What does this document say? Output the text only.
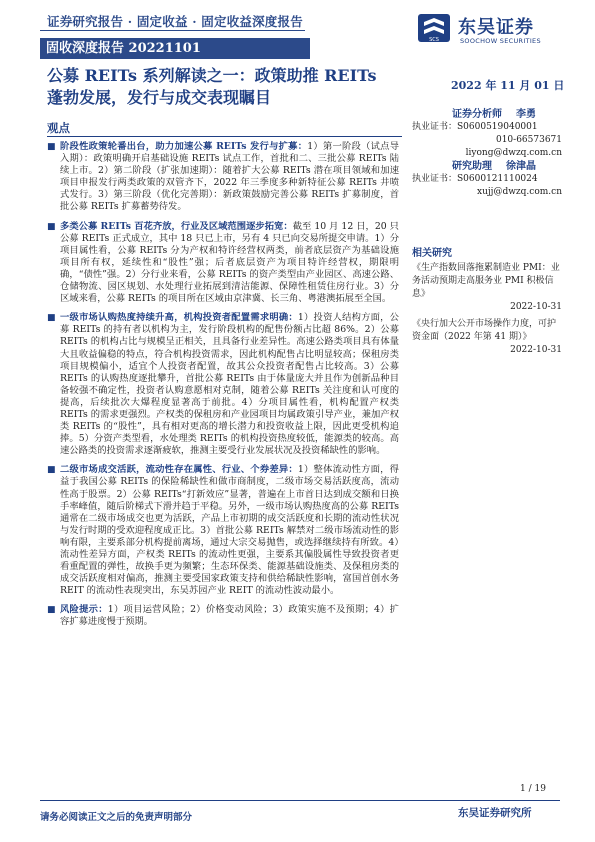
证券研究报告 · 固定收益 · 固定收益深度报告
固收深度报告 20221101
SCS
东吴证券
SOOCHOW SECURITIES
公募 REITs 系列解读之一：政策助推 REITs 蓬勃发展，发行与成交表现瞩目
2022 年 11 月 01 日
观点

■ 阶段性政策轮番出台，助力加速公募 REITs 发行与扩募：1）第一阶段（试点导入期）：政策明确开启基础设施 REITs 试点工作，首批和二、三批公募 REITs 陆续上市。2）第二阶段（扩张加速期）：随着扩大公募 REITs 潜在项目领域和加速项目申报发行两类政策的双管齐下，2022 年三季度多种新特征公募 REITs 井喷式发行。3）第三阶段（优化完善期）：新政策鼓励完善公募 REITs 扩募制度，首批公募 REITs 扩募蓄势待发。

■ 多类公募 REITs 百花齐放，行业及区域范围逐步拓宽：截至 10 月 12 日，20 只公募 REITs 正式成立，其中 18 只已上市，另有 4 只已向交易所提交申请。1）分项目属性看，公募 REITs 分为产权和特许经营权两类，前者底层资产为基础设施项目所有权，延续性和“股性”强；后者底层资产为项目特许经营权，期限明确，“债性”强。2）分行业来看，公募 REITs 的资产类型由产业园区、高速公路、仓储物流、园区规划、水处理行业拓展到清洁能源、保障性租赁住房行业。3）分区域来看，公募 REITs 的项目所在区域由京津冀、长三角、粤港澳拓展至全国。

■ 一级市场认购热度持续升高，机构投资者配置需求明确：1）投资人结构方面，公募 REITs 的持有者以机构为主，发行阶段机构的配售份额占比超 86%。2）公募 REITs 的机构占比与规模呈正相关，且具备行业差异性。高速公路类项目具有体量大且收益偏稳的特点，符合机构投资需求，因此机构配售占比明显较高；保租房类项目规模偏小，适宜个人投资者配置，故其公众投资者配售占比较高。3）公募 REITs 的认购热度逐批攀升，首批公募 REITs 由于体量庞大并且作为创新品种目备较强不确定性，投资者认购意愿相对克制，随着公募 REITs 关注度和认可度的提高，后续批次大爆程度显著高于前批。4）分项目属性看，机构配置产权类 REITs 的需求更强烈。产权类的保租房和产业园项目均属政策引导产业，兼加产权类 REITs 的“股性”，具有相对更高的增长潜力和投资收益上限，因此更受机构追捧。5）分资产类型看，水处理类 REITs 的机构投资热度较低，能源类的较高。高速公路类的投资需求逐渐疲软，推测主要受行业发展状况及投资稀缺性的影响。

■ 二级市场成交活跃，流动性存在属性、行业、个券差异：1）整体流动性方面，得益于我国公募 REITs 的保险稀缺性和做市商制度，二级市场交易活跃度高，流动性高于股票。2）公募 REITs“打新效应”显著，普遍在上市首日达到成交额和日换手率峰值，随后阶梯式下滑并趋于平稳。另外，一级市场认购热度高的公募 REITs 通常在二级市场成交也更为活跃，产品上市初期的成交活跃度和长期的流动性状况与发行时期的受欢迎程度成正比。3）首批公募 REITs 解禁对二级市场流动性的影响有限，主要系部分机构提前离场，通过大宗交易抛售，或选择继续持有所致。4）流动性差异方面，产权类 REITs 的流动性更强，主要系其偏股属性导致投资者更看重配置的弹性，故换手更为频繁；生态环保类、能源基础设施类、及保租房类的成交活跃度相对偏高，推测主要受国家政策支持和供给稀缺性影响，富国首创水务 REIT 的流动性表现突出，东吴苏园产业 REIT 的流动性波动最小。

■ 风险提示：1）项目运营风险；2）价格变动风险；3）政策实施不及预期；4）扩容扩募进度慢于预期。

证券分析师 李勇
执业证书：S0600519040001
010-66573671
liyong@dwzq.com.cn
研究助理 徐津晶
执业证书：S0600121110024
xujj@dwzq.com.cn
相关研究
《生产指数回落拖累制造业 PMI：业务活动预期走高服务业 PMI 积极信息》
2022-10-31
《央行加大公开市场操作力度，可护资金面（2022 年第 41 期）》
2022-10-31
1 / 19
请务必阅读正文之后的免责声明部分	东吴证券研究所
